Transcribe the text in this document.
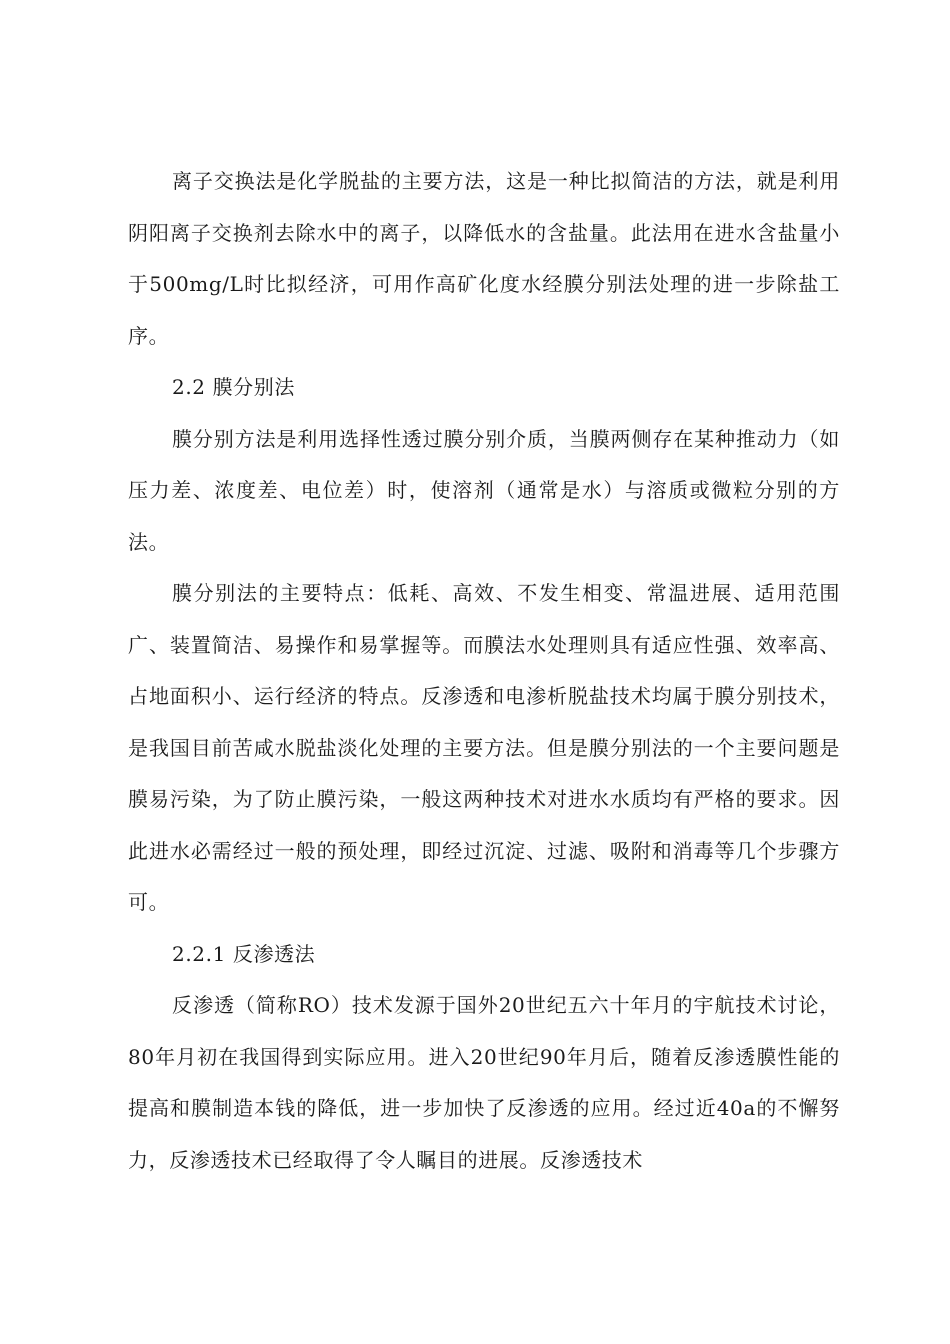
离子交换法是化学脱盐的主要方法，这是一种比拟简洁的方法，就是利用阴阳离子交换剂去除水中的离子，以降低水的含盐量。此法用在进水含盐量小于500mg/L时比拟经济，可用作高矿化度水经膜分别法处理的进一步除盐工序。

2.2 膜分别法

膜分别方法是利用选择性透过膜分别介质，当膜两侧存在某种推动力（如压力差、浓度差、电位差）时，使溶剂（通常是水）与溶质或微粒分别的方法。

膜分别法的主要特点：低耗、高效、不发生相变、常温进展、适用范围广、装置简洁、易操作和易掌握等。而膜法水处理则具有适应性强、效率高、占地面积小、运行经济的特点。反渗透和电渗析脱盐技术均属于膜分别技术，是我国目前苦咸水脱盐淡化处理的主要方法。但是膜分别法的一个主要问题是膜易污染，为了防止膜污染，一般这两种技术对进水水质均有严格的要求。因此进水必需经过一般的预处理，即经过沉淀、过滤、吸附和消毒等几个步骤方可。

2.2.1 反渗透法

反渗透（简称RO）技术发源于国外20世纪五六十年月的宇航技术讨论，80年月初在我国得到实际应用。进入20世纪90年月后，随着反渗透膜性能的提高和膜制造本钱的降低，进一步加快了反渗透的应用。经过近40a的不懈努力，反渗透技术已经取得了令人瞩目的进展。反渗透技术
